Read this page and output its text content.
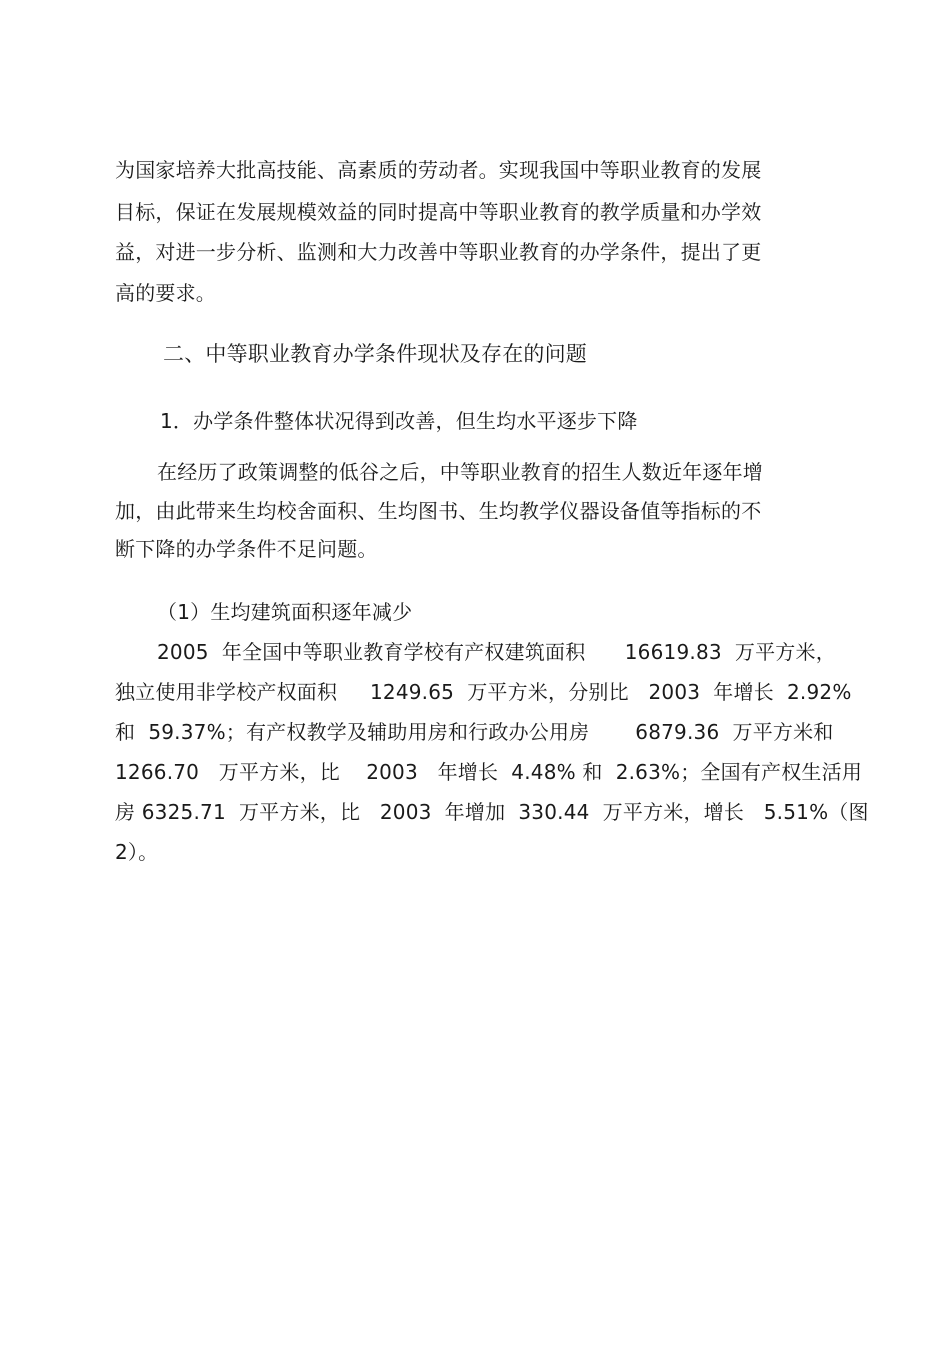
为国家培养大批高技能、高素质的劳动者。实现我国中等职业教育的发展
目标，保证在发展规模效益的同时提高中等职业教育的教学质量和办学效
益，对进一步分析、监测和大力改善中等职业教育的办学条件，提出了更
高的要求。
二、中等职业教育办学条件现状及存在的问题
1．办学条件整体状况得到改善，但生均水平逐步下降
在经历了政策调整的低谷之后，中等职业教育的招生人数近年逐年增
加，由此带来生均校舍面积、生均图书、生均教学仪器设备值等指标的不
断下降的办学条件不足问题。
（1）生均建筑面积逐年减少
2005  年全国中等职业教育学校有产权建筑面积      16619.83  万平方米，
独立使用非学校产权面积     1249.65  万平方米，分别比   2003  年增长  2.92%
和  59.37%；有产权教学及辅助用房和行政办公用房       6879.36  万平方米和
1266.70   万平方米，比    2003   年增长  4.48% 和  2.63%；全国有产权生活用
房 6325.71  万平方米，比   2003  年增加  330.44  万平方米，增长   5.51%（图
2）。
